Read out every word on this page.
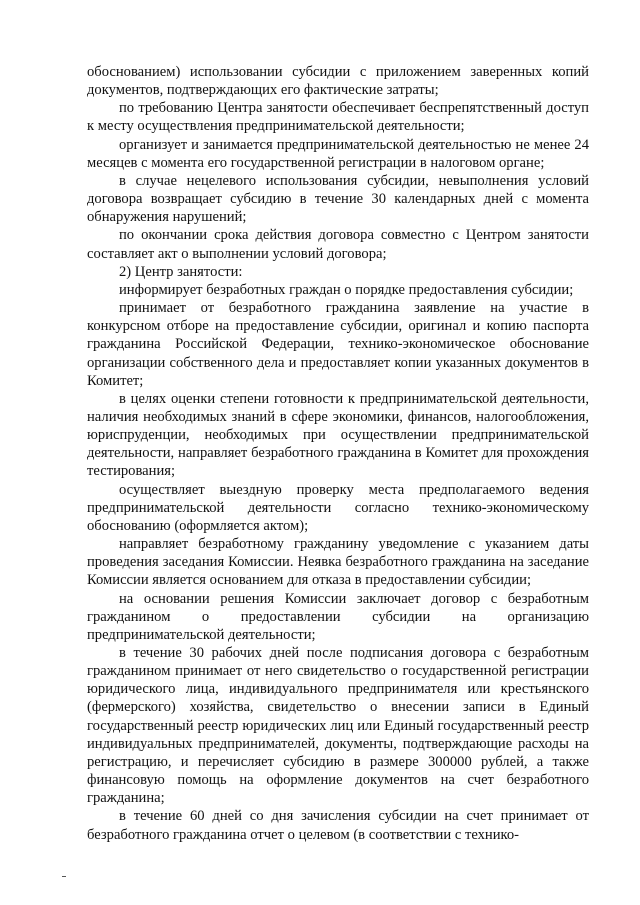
обоснованием) использовании субсидии с приложением заверенных копий документов, подтверждающих его фактические затраты;

по требованию Центра занятости обеспечивает беспрепятственный доступ к месту осуществления предпринимательской деятельности;

организует и занимается предпринимательской деятельностью не менее 24 месяцев с момента его государственной регистрации в налоговом органе;

в случае нецелевого использования субсидии, невыполнения условий договора возвращает субсидию в течение 30 календарных дней с момента обнаружения нарушений;

по окончании срока действия договора совместно с Центром занятости составляет акт о выполнении условий договора;

2) Центр занятости:

информирует безработных граждан о порядке предоставления субсидии;

принимает от безработного гражданина заявление на участие в конкурсном отборе на предоставление субсидии, оригинал и копию паспорта гражданина Российской Федерации, технико-экономическое обоснование организации собственного дела и предоставляет копии указанных документов в Комитет;

в целях оценки степени готовности к предпринимательской деятельности, наличия необходимых знаний в сфере экономики, финансов, налогообложения, юриспруденции, необходимых при осуществлении предпринимательской деятельности, направляет безработного гражданина в Комитет для прохождения тестирования;

осуществляет выездную проверку места предполагаемого ведения предпринимательской деятельности согласно технико-экономическому обоснованию (оформляется актом);

направляет безработному гражданину уведомление с указанием даты проведения заседания Комиссии. Неявка безработного гражданина на заседание Комиссии является основанием для отказа в предоставлении субсидии;

на основании решения Комиссии заключает договор с безработным гражданином о предоставлении субсидии на организацию предпринимательской деятельности;

в течение 30 рабочих дней после подписания договора с безработным гражданином принимает от него свидетельство о государственной регистрации юридического лица, индивидуального предпринимателя или крестьянского (фермерского) хозяйства, свидетельство о внесении записи в Единый государственный реестр юридических лиц или Единый государственный реестр индивидуальных предпринимателей, документы, подтверждающие расходы на регистрацию, и перечисляет субсидию в размере 300000 рублей, а также финансовую помощь на оформление документов на счет безработного гражданина;

в течение 60 дней со дня зачисления субсидии на счет принимает от безработного гражданина отчет о целевом (в соответствии с технико-
